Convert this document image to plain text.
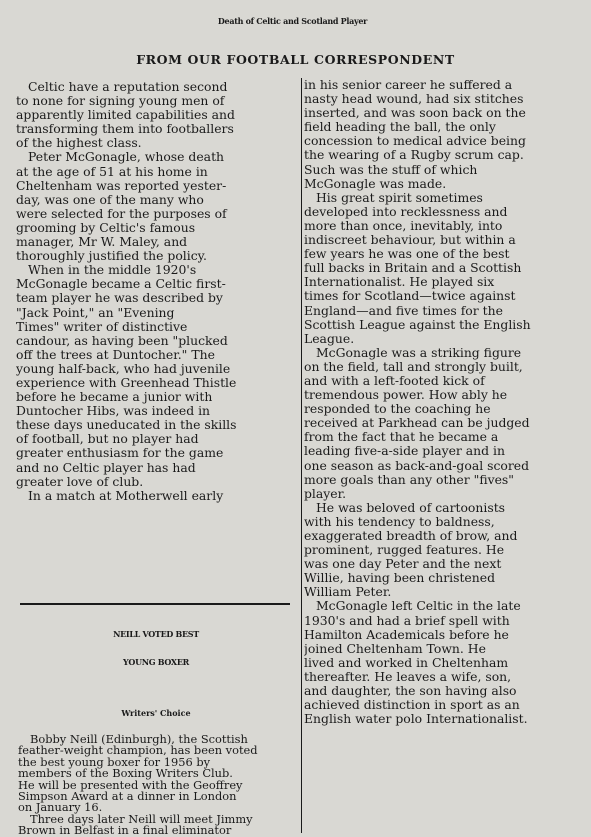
Death of Celtic and Scotland Player
FROM OUR FOOTBALL CORRESPONDENT
Celtic have a reputation second
to none for signing young men of
apparently limited capabilities and
transforming them into footballers
of the highest class.
Peter McGonagle, whose death
at the age of 51 at his home in
Cheltenham was reported yester-
day, was one of the many who
were selected for the purposes of
grooming by Celtic's famous
manager, Mr W. Maley, and
thoroughly justified the policy.
When in the middle 1920's
McGonagle became a Celtic first-
team player he was described by
"Jack Point," an "Evening
Times" writer of distinctive
candour, as having been "plucked
off the trees at Duntocher." The
young half-back, who had juvenile
experience with Greenhead Thistle
before he became a junior with
Duntocher Hibs, was indeed in
these days uneducated in the skills
of football, but no player had
greater enthusiasm for the game
and no Celtic player has had
greater love of club.
In a match at Motherwell early
in his senior career he suffered a
nasty head wound, had six stitches
inserted, and was soon back on the
field heading the ball, the only
concession to medical advice being
the wearing of a Rugby scrum cap.
Such was the stuff of which
McGonagle was made.
His great spirit sometimes
developed into recklessness and
more than once, inevitably, into
indiscreet behaviour, but within a
few years he was one of the best
full backs in Britain and a Scottish
Internationalist. He played six
times for Scotland—twice against
England—and five times for the
Scottish League against the English
League.
McGonagle was a striking figure
on the field, tall and strongly built,
and with a left-footed kick of
tremendous power. How ably he
responded to the coaching he
received at Parkhead can be judged
from the fact that he became a
leading five-a-side player and in
one season as back-and-goal scored
more goals than any other "fives"
player.
He was beloved of cartoonists
with his tendency to baldness,
exaggerated breadth of brow, and
prominent, rugged features. He
was one day Peter and the next
Willie, having been christened
William Peter.
McGonagle left Celtic in the late
1930's and had a brief spell with
Hamilton Academicals before he
joined Cheltenham Town. He
lived and worked in Cheltenham
thereafter. He leaves a wife, son,
and daughter, the son having also
achieved distinction in sport as an
English water polo Internationalist.
NEILL VOTED BEST
YOUNG BOXER
Writers' Choice
Bobby Neill (Edinburgh), the Scottish
feather-weight champion, has been voted
the best young boxer for 1956 by
members of the Boxing Writers Club.
He will be presented with the Geoffrey
Simpson Award at a dinner in London
on January 16.
Three days later Neill will meet Jimmy
Brown in Belfast in a final eliminator
